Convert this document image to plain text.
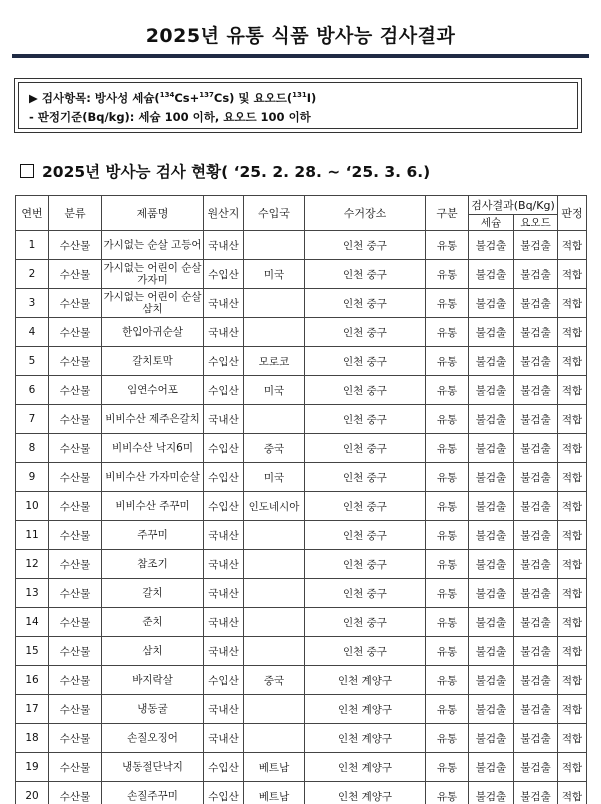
2025년 유통 식품 방사능 검사결과
▶ 검사항목: 방사성 세슘($^{134}$Cs+$^{137}$Cs) 및 요오드($^{131}$I)
- 판정기준(Bq/kg): 세슘 100 이하, 요오드 100 이하
2025년 방사능 검사 현황( ‘25. 2. 28. ~ ‘25. 3. 6.)
연번	분류	제품명	원산지	수입국	수거장소	구분	검사결과(Bq/Kg)		판정
							세슘	요오드	
1	수산물	가시없는 순살 고등어	국내산		인천 중구	유통	불검출	불검출	적합
2	수산물	가시없는 어린이 순살가자미	수입산	미국	인천 중구	유통	불검출	불검출	적합
3	수산물	가시없는 어린이 순살삼치	국내산		인천 중구	유통	불검출	불검출	적합
4	수산물	한입아귀순살	국내산		인천 중구	유통	불검출	불검출	적합
5	수산물	갈치토막	수입산	모로코	인천 중구	유통	불검출	불검출	적합
6	수산물	임연수어포	수입산	미국	인천 중구	유통	불검출	불검출	적합
7	수산물	비비수산 제주은갈치	국내산		인천 중구	유통	불검출	불검출	적합
8	수산물	비비수산 낙지6미	수입산	중국	인천 중구	유통	불검출	불검출	적합
9	수산물	비비수산 가자미순살	수입산	미국	인천 중구	유통	불검출	불검출	적합
10	수산물	비비수산 주꾸미	수입산	인도네시아	인천 중구	유통	불검출	불검출	적합
11	수산물	주꾸미	국내산		인천 중구	유통	불검출	불검출	적합
12	수산물	참조기	국내산		인천 중구	유통	불검출	불검출	적합
13	수산물	갈치	국내산		인천 중구	유통	불검출	불검출	적합
14	수산물	준치	국내산		인천 중구	유통	불검출	불검출	적합
15	수산물	삼치	국내산		인천 중구	유통	불검출	불검출	적합
16	수산물	바지락살	수입산	중국	인천 계양구	유통	불검출	불검출	적합
17	수산물	냉동굴	국내산		인천 계양구	유통	불검출	불검출	적합
18	수산물	손질오징어	국내산		인천 계양구	유통	불검출	불검출	적합
19	수산물	냉동절단낙지	수입산	베트남	인천 계양구	유통	불검출	불검출	적합
20	수산물	손질주꾸미	수입산	베트남	인천 계양구	유통	불검출	불검출	적합
